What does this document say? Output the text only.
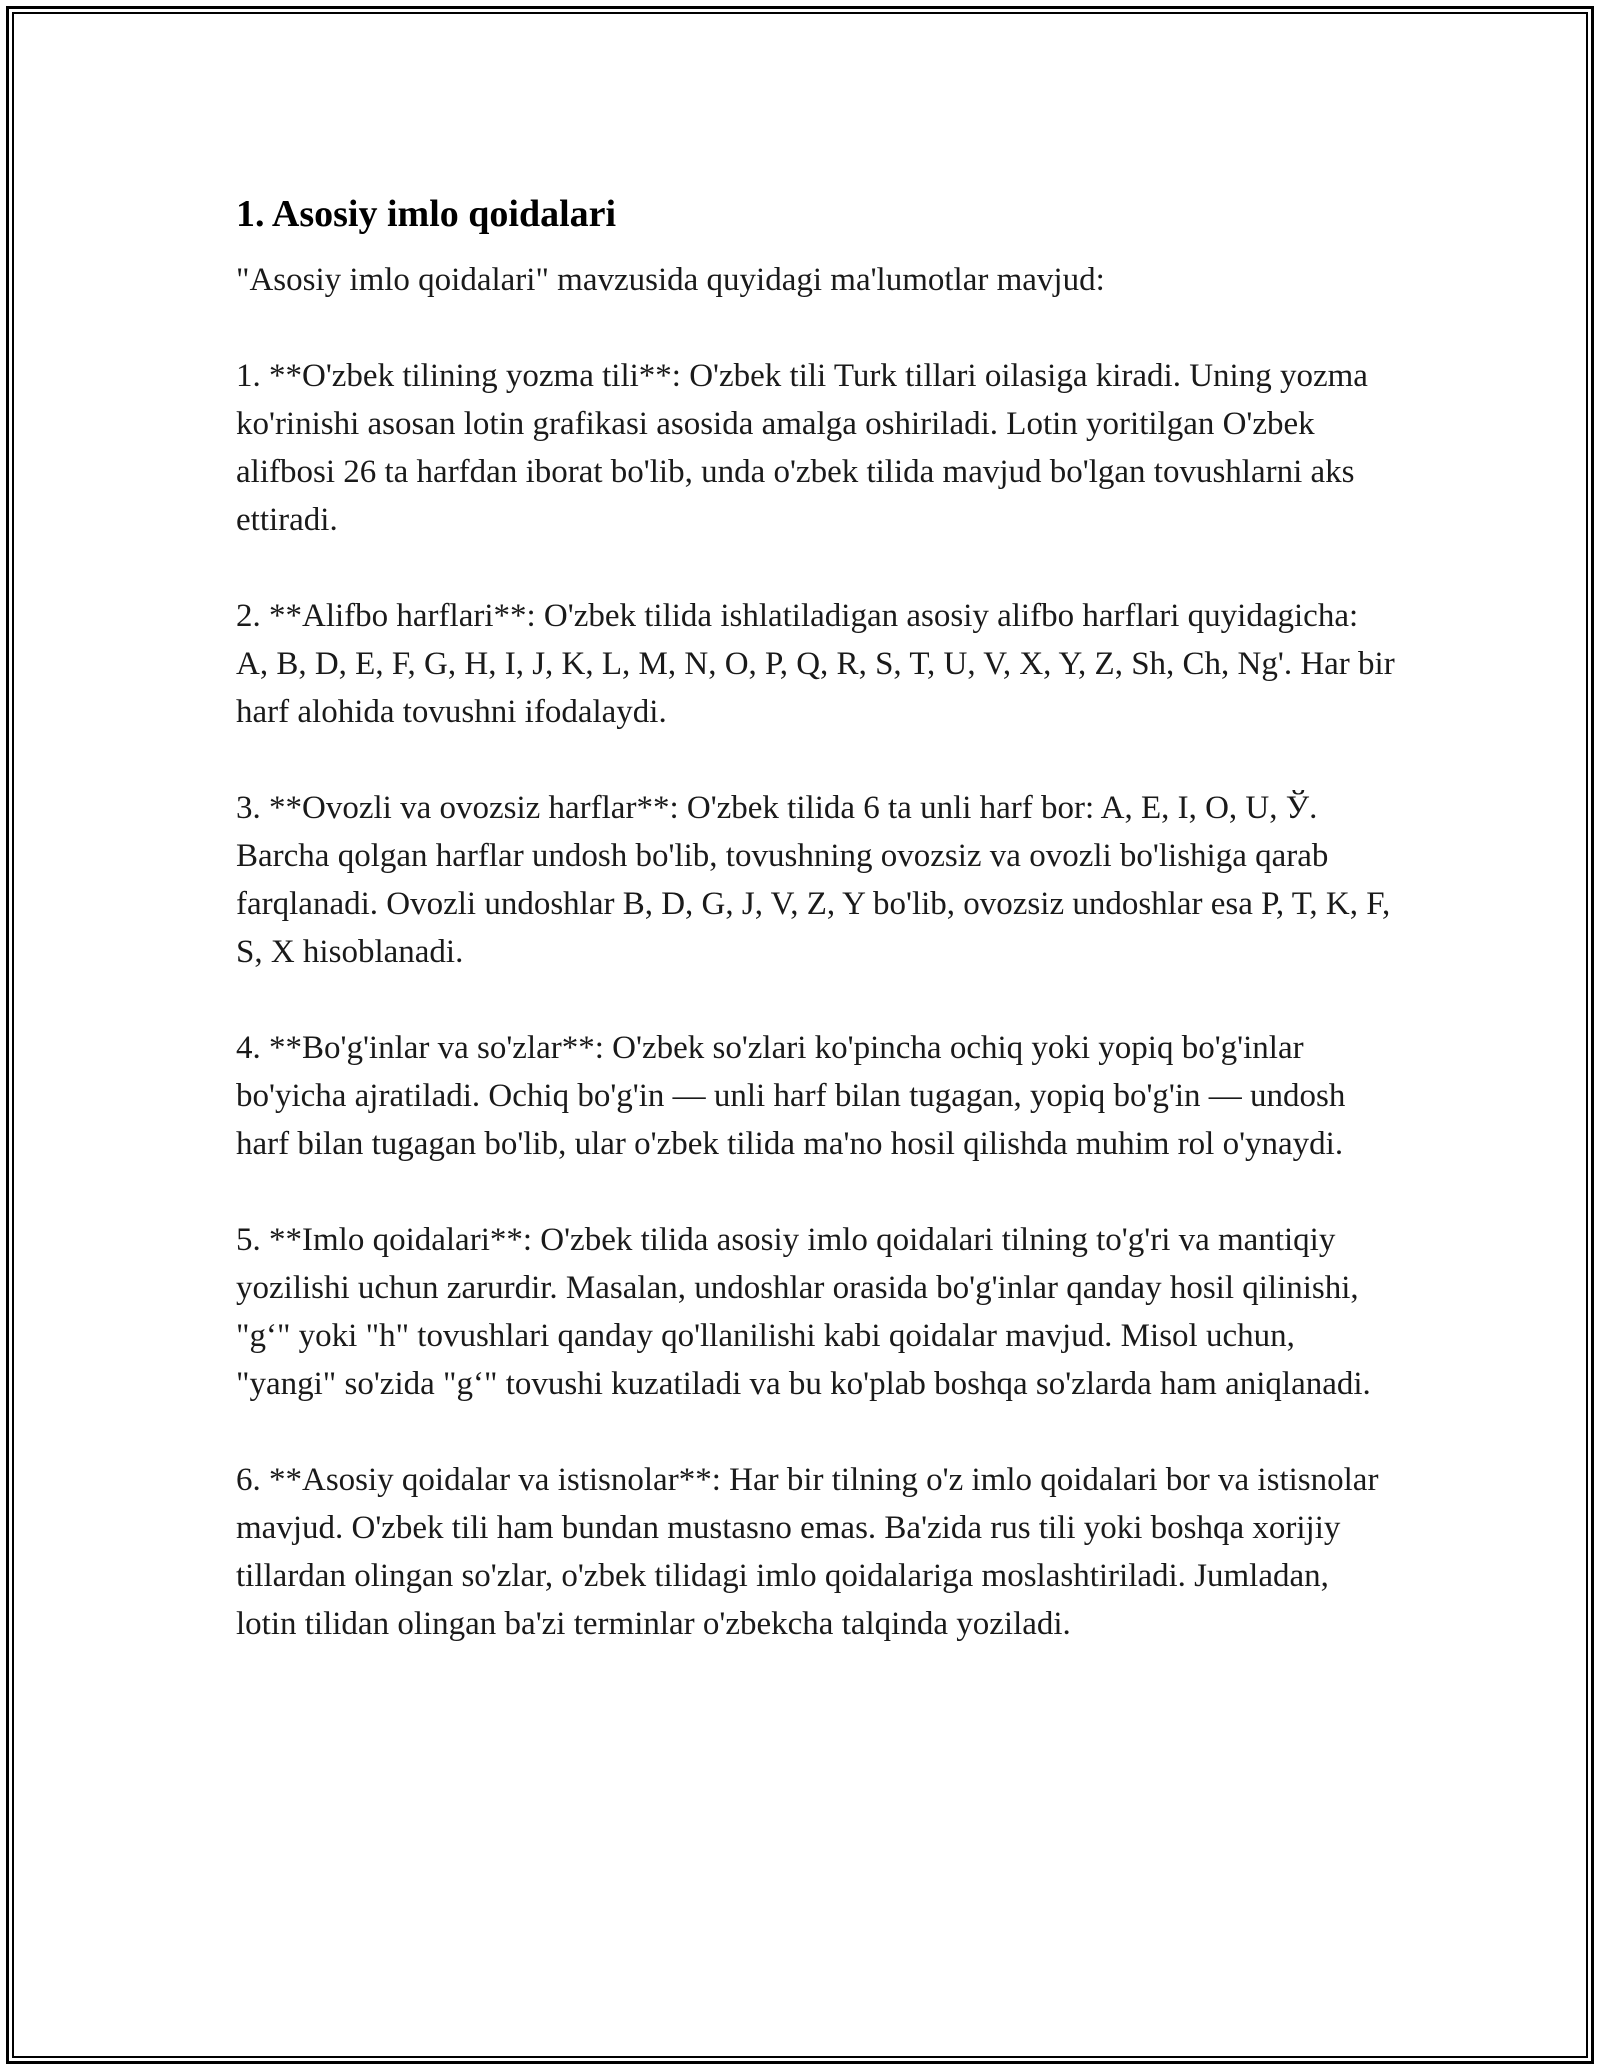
1. Asosiy imlo qoidalari

"Asosiy imlo qoidalari" mavzusida quyidagi ma'lumotlar mavjud:

1. **O'zbek tilining yozma tili**: O'zbek tili Turk tillari oilasiga kiradi. Uning yozma ko'rinishi asosan lotin grafikasi asosida amalga oshiriladi. Lotin yoritilgan O'zbek alifbosi 26 ta harfdan iborat bo'lib, unda o'zbek tilida mavjud bo'lgan tovushlarni aks ettiradi.

2. **Alifbo harflari**: O'zbek tilida ishlatiladigan asosiy alifbo harflari quyidagicha: A, B, D, E, F, G, H, I, J, K, L, M, N, O, P, Q, R, S, T, U, V, X, Y, Z, Sh, Ch, Ng'. Har bir harf alohida tovushni ifodalaydi.

3. **Ovozli va ovozsiz harflar**: O'zbek tilida 6 ta unli harf bor: A, E, I, O, U, Ў. Barcha qolgan harflar undosh bo'lib, tovushning ovozsiz va ovozli bo'lishiga qarab farqlanadi. Ovozli undoshlar B, D, G, J, V, Z, Y bo'lib, ovozsiz undoshlar esa P, T, K, F, S, X hisoblanadi.

4. **Bo'g'inlar va so'zlar**: O'zbek so'zlari ko'pincha ochiq yoki yopiq bo'g'inlar bo'yicha ajratiladi. Ochiq bo'g'in — unli harf bilan tugagan, yopiq bo'g'in — undosh harf bilan tugagan bo'lib, ular o'zbek tilida ma'no hosil qilishda muhim rol o'ynaydi.

5. **Imlo qoidalari**: O'zbek tilida asosiy imlo qoidalari tilning to'g'ri va mantiqiy yozilishi uchun zarurdir. Masalan, undoshlar orasida bo'g'inlar qanday hosil qilinishi, "g‘" yoki "h" tovushlari qanday qo'llanilishi kabi qoidalar mavjud. Misol uchun, "yangi" so'zida "g‘" tovushi kuzatiladi va bu ko'plab boshqa so'zlarda ham aniqlanadi.

6. **Asosiy qoidalar va istisnolar**: Har bir tilning o'z imlo qoidalari bor va istisnolar mavjud. O'zbek tili ham bundan mustasno emas. Ba'zida rus tili yoki boshqa xorijiy tillardan olingan so'zlar, o'zbek tilidagi imlo qoidalariga moslashtiriladi. Jumladan, lotin tilidan olingan ba'zi terminlar o'zbekcha talqinda yoziladi.
